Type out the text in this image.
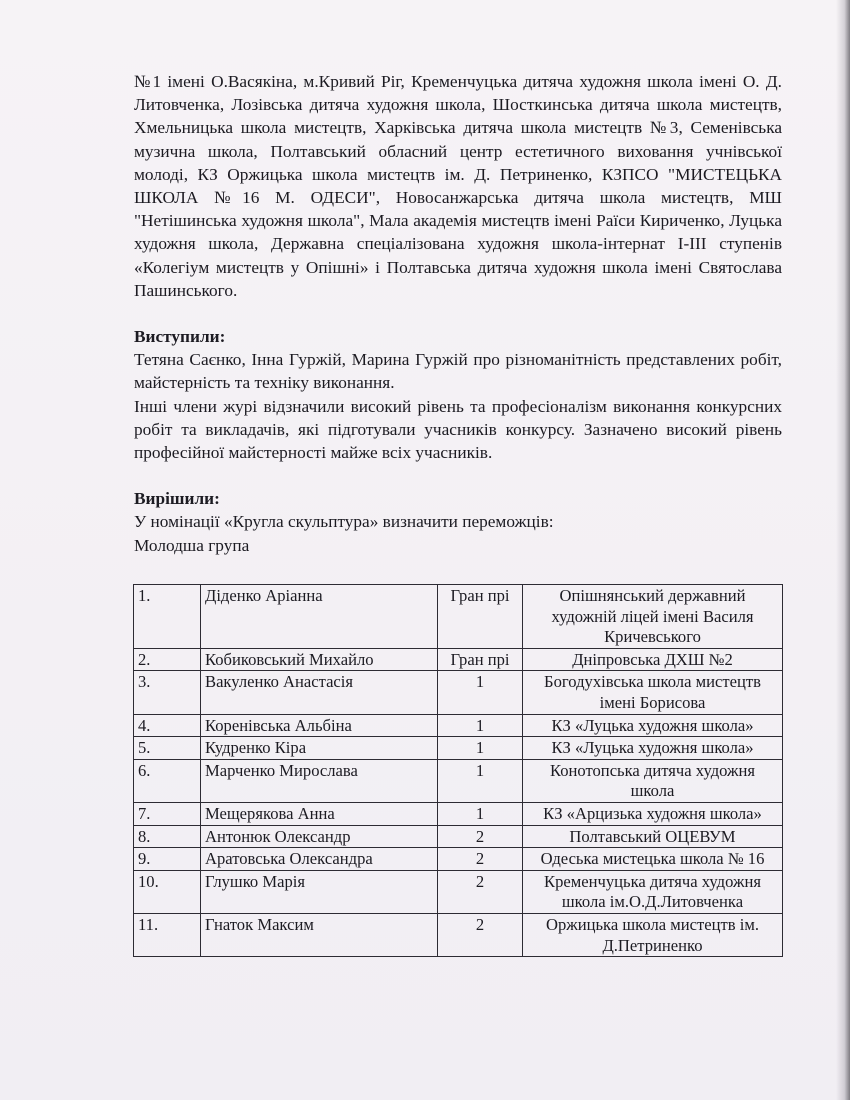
№1 імені О.Васякіна, м.Кривий Ріг, Кременчуцька дитяча художня школа імені О. Д. Литовченка, Лозівська дитяча художня школа, Шосткинська дитяча школа мистецтв, Хмельницька школа мистецтв, Харківська дитяча школа мистецтв №3, Семенівська музична школа, Полтавський обласний центр естетичного виховання учнівської молоді, КЗ Оржицька школа мистецтв ім. Д. Петриненко, КЗПСО "МИСТЕЦЬКА ШКОЛА №16 М. ОДЕСИ", Новосанжарська дитяча школа мистецтв, МШ "Нетішинська художня школа", Мала академія мистецтв імені Раїси Кириченко, Луцька художня школа, Державна спеціалізована художня школа-інтернат І-ІІІ ступенів «Колегіум мистецтв у Опішні» і Полтавська дитяча художня школа імені Святослава Пашинського.

Виступили:

Тетяна Саєнко, Інна Гуржій, Марина Гуржій про різноманітність представлених робіт, майстерність та техніку виконання.

Інші члени журі відзначили високий рівень та професіоналізм виконання конкурсних робіт та викладачів, які підготували учасників конкурсу. Зазначено високий рівень професійної майстерності майже всіх учасників.

Вирішили:

У номінації «Кругла скульптура» визначити переможців:

Молодша група

1.	Діденко Аріанна	Гран прі	Опішнянський державний художній ліцей імені Василя Кричевського
2.	Кобиковський Михайло	Гран прі	Дніпровська ДХШ №2
3.	Вакуленко Анастасія	1	Богодухівська школа мистецтв імені Борисова
4.	Коренівська Альбіна	1	КЗ «Луцька художня школа»
5.	Кудренко Кіра	1	КЗ «Луцька художня школа»
6.	Марченко Мирослава	1	Конотопська дитяча художня школа
7.	Мещерякова Анна	1	КЗ «Арцизька художня школа»
8.	Антонюк Олександр	2	Полтавський ОЦЕВУМ
9.	Аратовська Олександра	2	Одеська мистецька школа № 16
10.	Глушко Марія	2	Кременчуцька дитяча художня школа ім.О.Д.Литовченка
11.	Гнаток Максим	2	Оржицька школа мистецтв ім. Д.Петриненко
